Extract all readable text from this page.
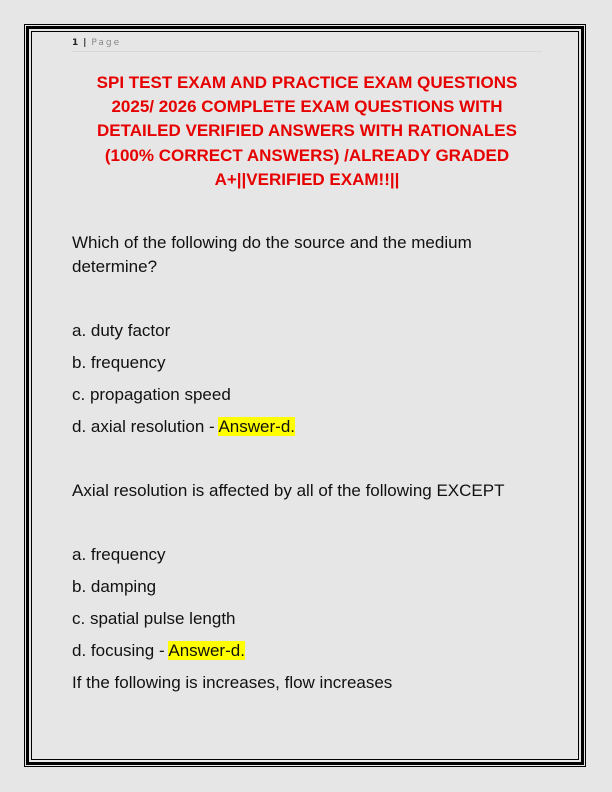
1 | Page
SPI TEST EXAM AND PRACTICE EXAM QUESTIONS
2025/ 2026 COMPLETE EXAM QUESTIONS WITH
DETAILED VERIFIED ANSWERS WITH RATIONALES
(100% CORRECT ANSWERS) /ALREADY GRADED
A+||VERIFIED EXAM!!||
Which of the following do the source and the medium
determine?
a. duty factor
b. frequency
c. propagation speed
d. axial resolution - Answer-d.
Axial resolution is affected by all of the following EXCEPT
a. frequency
b. damping
c. spatial pulse length
d. focusing - Answer-d.
If the following is increases, flow increases
